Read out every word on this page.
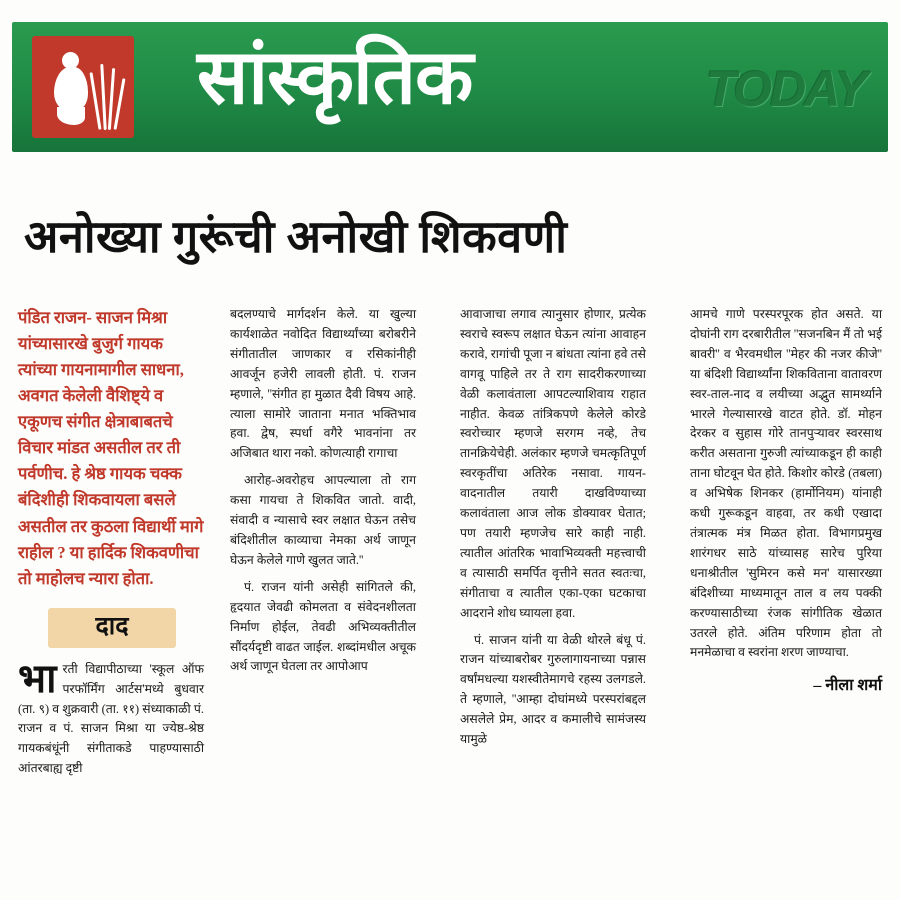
सांस्कृतिक	TODAY
अनोख्या गुरूंची अनोखी शिकवणी
पंडित राजन- साजन मिश्रा यांच्यासारखे बुजुर्ग गायक त्यांच्या गायनामागील साधना, अवगत केलेली वैशिष्ट्ये व एकूणच संगीत क्षेत्राबाबतचे विचार मांडत असतील तर ती पर्वणीच. हे श्रेष्ठ गायक चक्क बंदिशीही शिकवायला बसले असतील तर कुठला विद्यार्थी मागे राहील ? या हार्दिक शिकवणीचा तो माहोलच न्यारा होता.
दाद
भा रती विद्यापीठाच्या 'स्कूल ऑफ परफॉर्मिंग आर्टस'मध्ये बुधवार (ता. ९) व शुक्रवारी (ता. ११) संध्याकाळी पं. राजन व पं. साजन मिश्रा या ज्येष्ठ-श्रेष्ठ गायकबंधूंनी संगीताकडे पाहण्यासाठी आंतरबाह्य दृष्टी

बदलण्याचे मार्गदर्शन केले. या खुल्या कार्यशाळेत नवोदित विद्यार्थ्यांच्या बरोबरीने संगीतातील जाणकार व रसिकांनीही आवर्जून हजेरी लावली होती. पं. राजन म्हणाले, ''संगीत हा मुळात दैवी विषय आहे. त्याला सामोरे जाताना मनात भक्तिभाव हवा. द्वेष, स्पर्धा वगैरे भावनांना तर अजिबात थारा नको. कोणत्याही रागाचा

आरोह-अवरोहच आपल्याला तो राग कसा गायचा ते शिकवित जातो. वादी, संवादी व न्यासाचे स्वर लक्षात घेऊन तसेच बंदिशीतील काव्याचा नेमका अर्थ जाणून घेऊन केलेले गाणे खुलत जाते.''

पं. राजन यांनी असेही सांगितले की, हृदयात जेवढी कोमलता व संवेदनशीलता निर्माण होईल, तेवढी अभिव्यक्तीतील सौंदर्यदृष्टी वाढत जाईल. शब्दांमधील अचूक अर्थ जाणून घेतला तर आपोआप

आवाजाचा लगाव त्यानुसार होणार, प्रत्येक स्वराचे स्वरूप लक्षात घेऊन त्यांना आवाहन करावे, रागांची पूजा न बांधता त्यांना हवे तसे वागवू पाहिले तर ते राग सादरीकरणाच्या वेळी कलावंताला आपटल्याशिवाय राहात नाहीत. केवळ तांत्रिकपणे केलेले कोरडे स्वरोच्चार म्हणजे सरगम नव्हे, तेच तानक्रियेचेही. अलंकार म्हणजे चमत्कृतिपूर्ण स्वरकृतींचा अतिरेक नसावा. गायन-वादनातील तयारी दाखविण्याच्या कलावंताला आज लोक डोक्यावर घेतात; पण तयारी म्हणजेच सारे काही नाही. त्यातील आंतरिक भावाभिव्यक्ती महत्त्वाची व त्यासाठी समर्पित वृत्तीने सतत स्वतःचा, संगीताचा व त्यातील एका-एका घटकाचा आदराने शोध घ्यायला हवा.

पं. साजन यांनी या वेळी थोरले बंधू पं. राजन यांच्याबरोबर गुरुलागायनाच्या पन्नास वर्षांमधल्या यशस्वीतेमागचे रहस्य उलगडले. ते म्हणाले, ''आम्हा दोघांमध्ये परस्परांबद्दल असलेले प्रेम, आदर व कमालीचे सामंजस्य यामुळे

आमचे गाणे परस्परपूरक होत असते. या दोघांनी राग दरबारीतील ''सजनबिन मैं तो भई बावरी'' व भैरवमधील ''मेहर की नजर कीजे'' या बंदिशी विद्यार्थ्यांना शिकविताना वातावरण स्वर-ताल-नाद व लयीच्या अद्भुत सामर्थ्याने भारले गेल्यासारखे वाटत होते. डॉ. मोहन देरकर व सुहास गोरे तानपुऱ्यावर स्वरसाथ करीत असताना गुरुजी त्यांच्याकडून ही काही ताना घोटवून घेत होते. किशोर कोरडे (तबला) व अभिषेक शिनकर (हार्मोनियम) यांनाही कधी गुरूकडून वाहवा, तर कधी एखादा तंत्रात्मक मंत्र मिळत होता. विभागप्रमुख शारंगधर साठे यांच्यासह सारेच पुरिया धनाश्रीतील 'सुमिरन कसे मन' यासारख्या बंदिशीच्या माध्यमातून ताल व लय पक्की करण्यासाठीच्या रंजक सांगीतिक खेळात उतरले होते. अंतिम परिणाम होता तो मनमेळाचा व स्वरांना शरण जाण्याचा.

– नीला शर्मा
